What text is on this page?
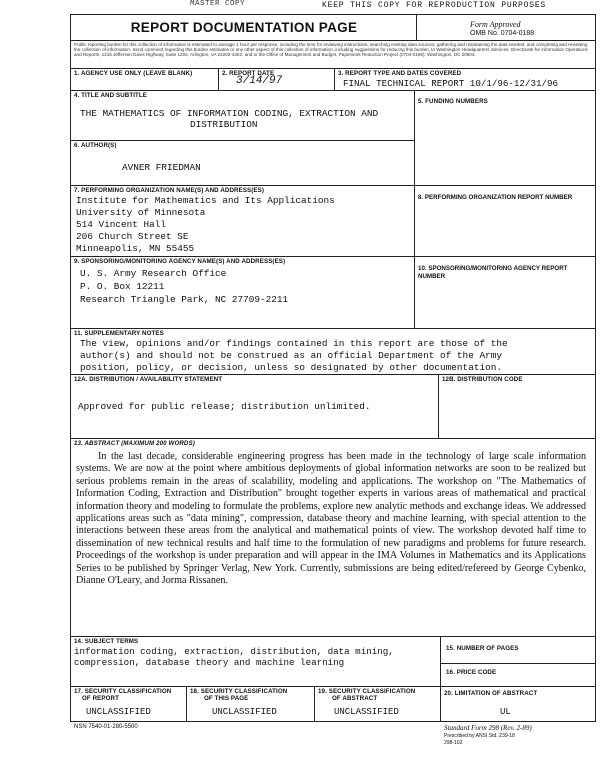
MASTER COPY	KEEP THIS COPY FOR REPRODUCTION PURPOSES
REPORT DOCUMENTATION PAGE	Form Approved
OMB No. 0704-0188
Public reporting burden for this collection of information is estimated to average 1 hour per response, including the time for reviewing instructions, searching existing data sources, gathering and maintaining the data needed, and completing and reviewing the collection of information. Send comment regarding this burden estimates or any other aspect of this collection of information, including suggestions for reducing this burden, to Washington Headquarters Services, Directorate for information Operations and Reports, 1215 Jefferson Davis Highway, Suite 1204, Arlington, VA 22202-4302, and to the Office of Management and Budget, Paperwork Reduction Project (0704-0188), Washington, DC 20503.
1. AGENCY USE ONLY (LEAVE BLANK)	2. REPORT DATE
3/14/97
3. REPORT TYPE AND DATES COVERED
FINAL TECHNICAL REPORT 10/1/96-12/31/96
4. TITLE AND SUBTITLE
THE MATHEMATICS OF INFORMATION CODING, EXTRACTION AND
DISTRIBUTION
5. FUNDING NUMBERS
6. AUTHOR(S)
AVNER FRIEDMAN
7. PERFORMING ORGANIZATION NAME(S) AND ADDRESS(ES)
Institute for Mathematics and Its Applications
University of Minnesota
514 Vincent Hall
206 Church Street SE
Minneapolis, MN 55455
8. PERFORMING ORGANIZATION REPORT NUMBER
9. SPONSORING/MONITORING AGENCY NAME(S) AND ADDRESS(ES)
U. S. Army Research Office
P. O. Box 12211
Research Triangle Park, NC 27709-2211
10. SPONSORING/MONITORING AGENCY REPORT NUMBER
11. SUPPLEMENTARY NOTES
The view, opinions and/or findings contained in this report are those of the
author(s) and should not be construed as an official Department of the Army
position, policy, or decision, unless so designated by other documentation.
12A. DISTRIBUTION / AVAILABILITY STATEMENT
Approved for public release; distribution unlimited.
12B. DISTRIBUTION CODE
13. ABSTRACT (MAXIMUM 200 WORDS)
In the last decade, considerable engineering progress has been made in the technology of large scale information systems. We are now at the point where ambitious deployments of global information networks are soon to be realized but serious problems remain in the areas of scalability, modeling and applications. The workshop on "The Mathematics of Information Coding, Extraction and Distribution" brought together experts in various areas of mathematical and practical information theory and modeling to formulate the problems, explore new analytic methods and exchange ideas. We addressed applications areas such as "data mining", compression, database theory and machine learning, with special attention to the interactions between these areas from the analytical and mathematical points of view. The workshop devoted half time to dissemination of new technical results and half time to the formulation of new paradigms and problems for future research. Proceedings of the workshop is under preparation and will appear in the IMA Volumes in Mathematics and its Applications Series to be published by Springer Verlag, New York. Currently, submissions are being edited/refereed by George Cybenko, Dianne O'Leary, and Jorma Rissanen.
14. SUBJECT TERMS
information coding, extraction, distribution, data mining,
compression, database theory and machine learning
15. NUMBER OF PAGES
16. PRICE CODE
17. SECURITY CLASSIFICATION
OF REPORT
UNCLASSIFIED
18. SECURITY CLASSIFICATION
OF THIS PAGE
UNCLASSIFIED
19. SECURITY CLASSIFICATION
OF ABSTRACT
UNCLASSIFIED
20. LIMITATION OF ABSTRACT
UL
NSN 7540-01-280-5500	Standard Form 298 (Rev. 2-89)
Prescribed by ANSI Std. Z39-18
298-102
